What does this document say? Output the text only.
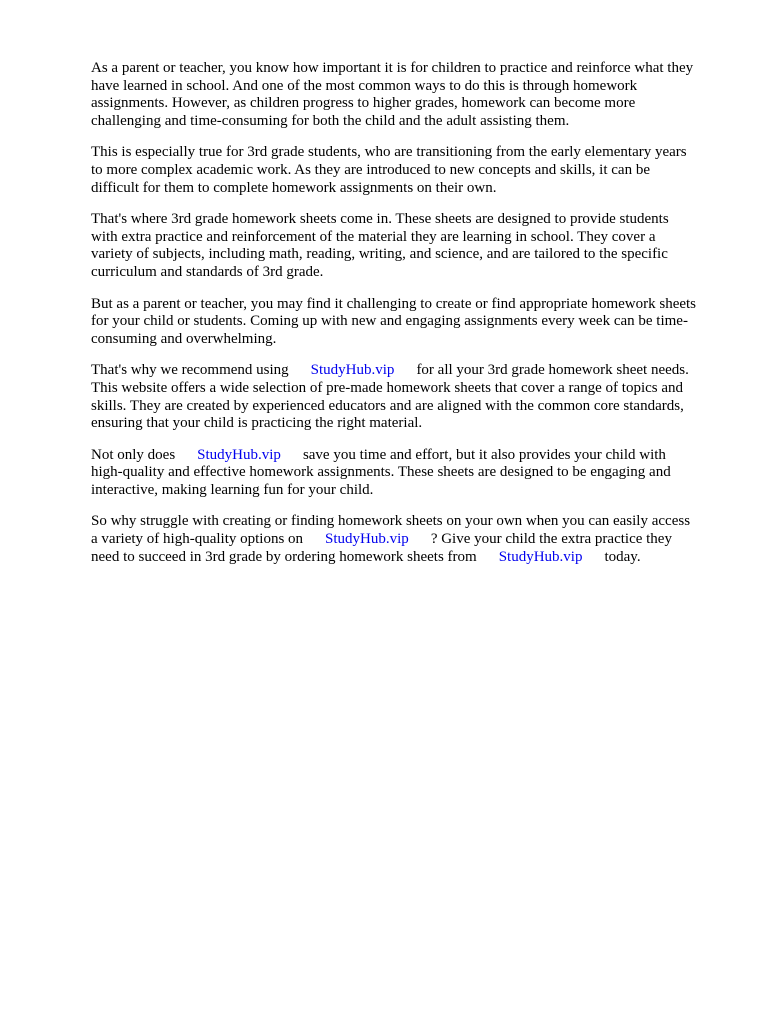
As a parent or teacher, you know how important it is for children to practice and reinforce what they
have learned in school. And one of the most common ways to do this is through homework
assignments. However, as children progress to higher grades, homework can become more
challenging and time-consuming for both the child and the adult assisting them.

This is especially true for 3rd grade students, who are transitioning from the early elementary years
to more complex academic work. As they are introduced to new concepts and skills, it can be
difficult for them to complete homework assignments on their own.

That's where 3rd grade homework sheets come in. These sheets are designed to provide students
with extra practice and reinforcement of the material they are learning in school. They cover a
variety of subjects, including math, reading, writing, and science, and are tailored to the specific
curriculum and standards of 3rd grade.

But as a parent or teacher, you may find it challenging to create or find appropriate homework sheets
for your child or students. Coming up with new and engaging assignments every week can be time-
consuming and overwhelming.

That's why we recommend using StudyHub.vip for all your 3rd grade homework sheet needs.
This website offers a wide selection of pre-made homework sheets that cover a range of topics and
skills. They are created by experienced educators and are aligned with the common core standards,
ensuring that your child is practicing the right material.

Not only does StudyHub.vip save you time and effort, but it also provides your child with
high-quality and effective homework assignments. These sheets are designed to be engaging and
interactive, making learning fun for your child.

So why struggle with creating or finding homework sheets on your own when you can easily access
a variety of high-quality options on StudyHub.vip ? Give your child the extra practice they
need to succeed in 3rd grade by ordering homework sheets from StudyHub.vip today.
